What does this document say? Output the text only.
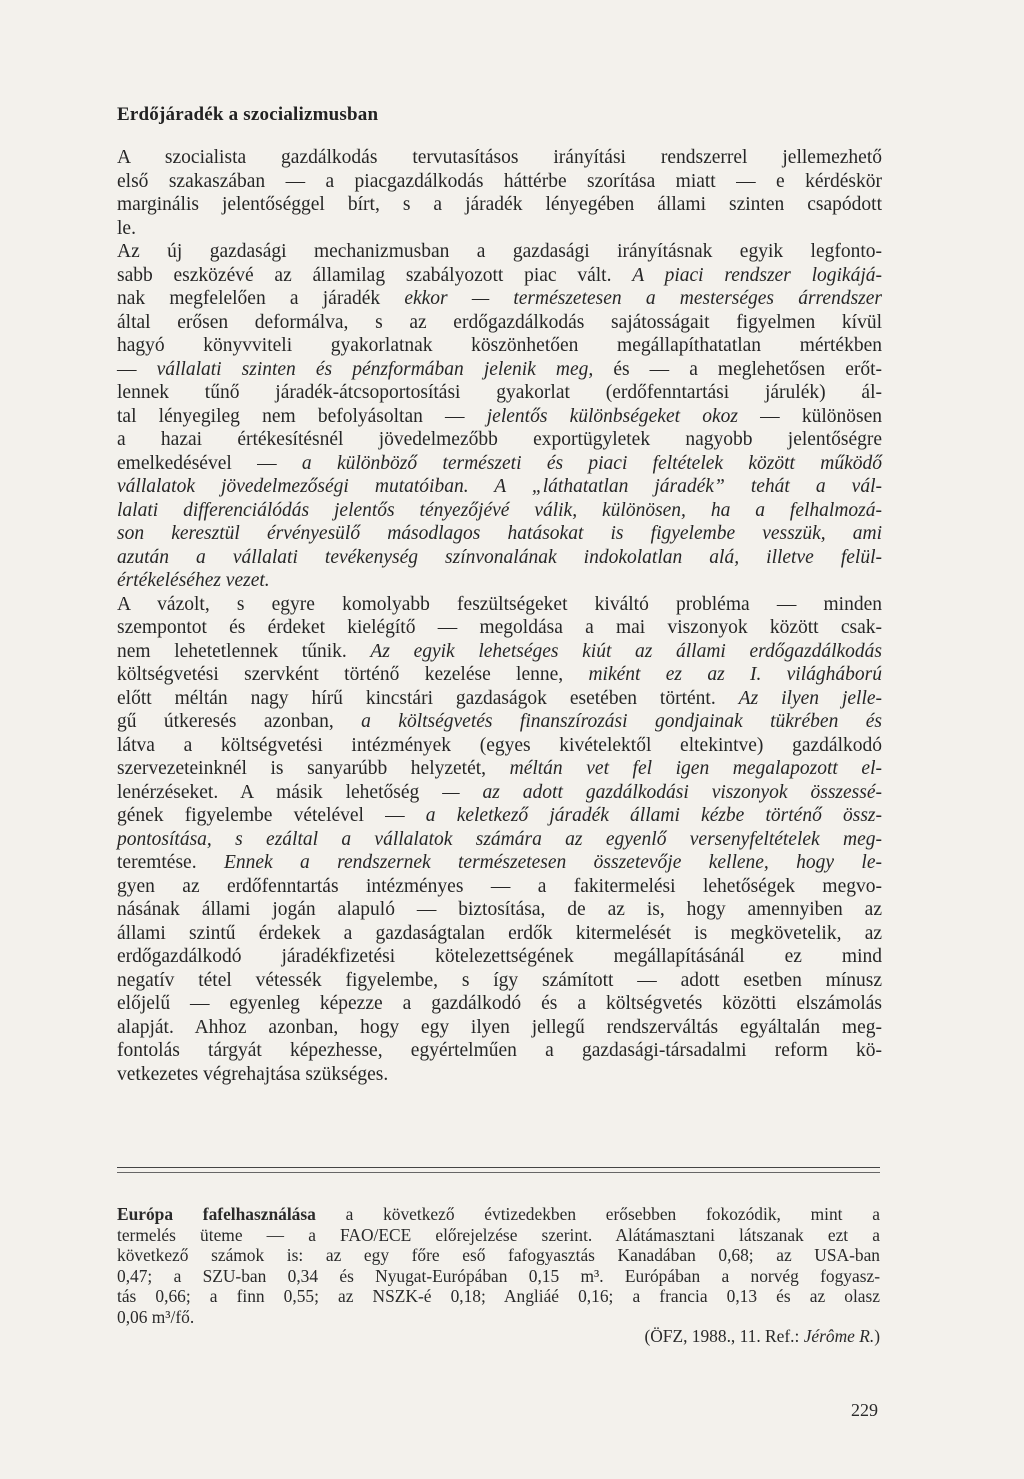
Erdőjáradék a szocializmusban

A szocialista gazdálkodás tervutasításos irányítási rendszerrel jellemezhető
első szakaszában — a piacgazdálkodás háttérbe szorítása miatt — e kérdéskör
marginális jelentőséggel bírt, s a járadék lényegében állami szinten csapódott
le.

Az új gazdasági mechanizmusban a gazdasági irányításnak egyik legfonto-
sabb eszközévé az államilag szabályozott piac vált. A piaci rendszer logikájá-
nak megfelelően a járadék ekkor — természetesen a mesterséges árrendszer
által erősen deformálva, s az erdőgazdálkodás sajátosságait figyelmen kívül
hagyó könyvviteli gyakorlatnak köszönhetően megállapíthatatlan mértékben
— vállalati szinten és pénzformában jelenik meg, és — a meglehetősen erőt-
lennek tűnő járadék-átcsoportosítási gyakorlat (erdőfenntartási járulék) ál-
tal lényegileg nem befolyásoltan — jelentős különbségeket okoz — különösen
a hazai értékesítésnél jövedelmezőbb exportügyletek nagyobb jelentőségre
emelkedésével — a különböző természeti és piaci feltételek között működő
vállalatok jövedelmezőségi mutatóiban. A „láthatatlan járadék” tehát a vál-
lalati differenciálódás jelentős tényezőjévé válik, különösen, ha a felhalmozá-
son keresztül érvényesülő másodlagos hatásokat is figyelembe vesszük, ami
azután a vállalati tevékenység színvonalának indokolatlan alá, illetve felül-
értékeléséhez vezet.

A vázolt, s egyre komolyabb feszültségeket kiváltó probléma — minden
szempontot és érdeket kielégítő — megoldása a mai viszonyok között csak-
nem lehetetlennek tűnik. Az egyik lehetséges kiút az állami erdőgazdálkodás
költségvetési szervként történő kezelése lenne, miként ez az I. világháború
előtt méltán nagy hírű kincstári gazdaságok esetében történt. Az ilyen jelle-
gű útkeresés azonban, a költségvetés finanszírozási gondjainak tükrében és
látva a költségvetési intézmények (egyes kivételektől eltekintve) gazdálkodó
szervezeteinknél is sanyarúbb helyzetét, méltán vet fel igen megalapozott el-
lenérzéseket. A másik lehetőség — az adott gazdálkodási viszonyok összessé-
gének figyelembe vételével — a keletkező járadék állami kézbe történő össz-
pontosítása, s ezáltal a vállalatok számára az egyenlő versenyfeltételek meg-
teremtése. Ennek a rendszernek természetesen összetevője kellene, hogy le-
gyen az erdőfenntartás intézményes — a fakitermelési lehetőségek megvo-
násának állami jogán alapuló — biztosítása, de az is, hogy amennyiben az
állami szintű érdekek a gazdaságtalan erdők kitermelését is megkövetelik, az
erdőgazdálkodó járadékfizetési kötelezettségének megállapításánál ez mind
negatív tétel vétessék figyelembe, s így számított — adott esetben mínusz
előjelű — egyenleg képezze a gazdálkodó és a költségvetés közötti elszámolás
alapját. Ahhoz azonban, hogy egy ilyen jellegű rendszerváltás egyáltalán meg-
fontolás tárgyát képezhesse, egyértelműen a gazdasági-társadalmi reform kö-
vetkezetes végrehajtása szükséges.

Európa fafelhasználása a következő évtizedekben erősebben fokozódik, mint a
termelés üteme — a FAO/ECE előrejelzése szerint. Alátámasztani látszanak ezt a
következő számok is: az egy főre eső fafogyasztás Kanadában 0,68; az USA-ban
0,47; a SZU-ban 0,34 és Nyugat-Európában 0,15 m³. Európában a norvég fogyasz-
tás 0,66; a finn 0,55; az NSZK-é 0,18; Angliáé 0,16; a francia 0,13 és az olasz
0,06 m³/fő.
(ÖFZ, 1988., 11. Ref.: Jérôme R.)
229
